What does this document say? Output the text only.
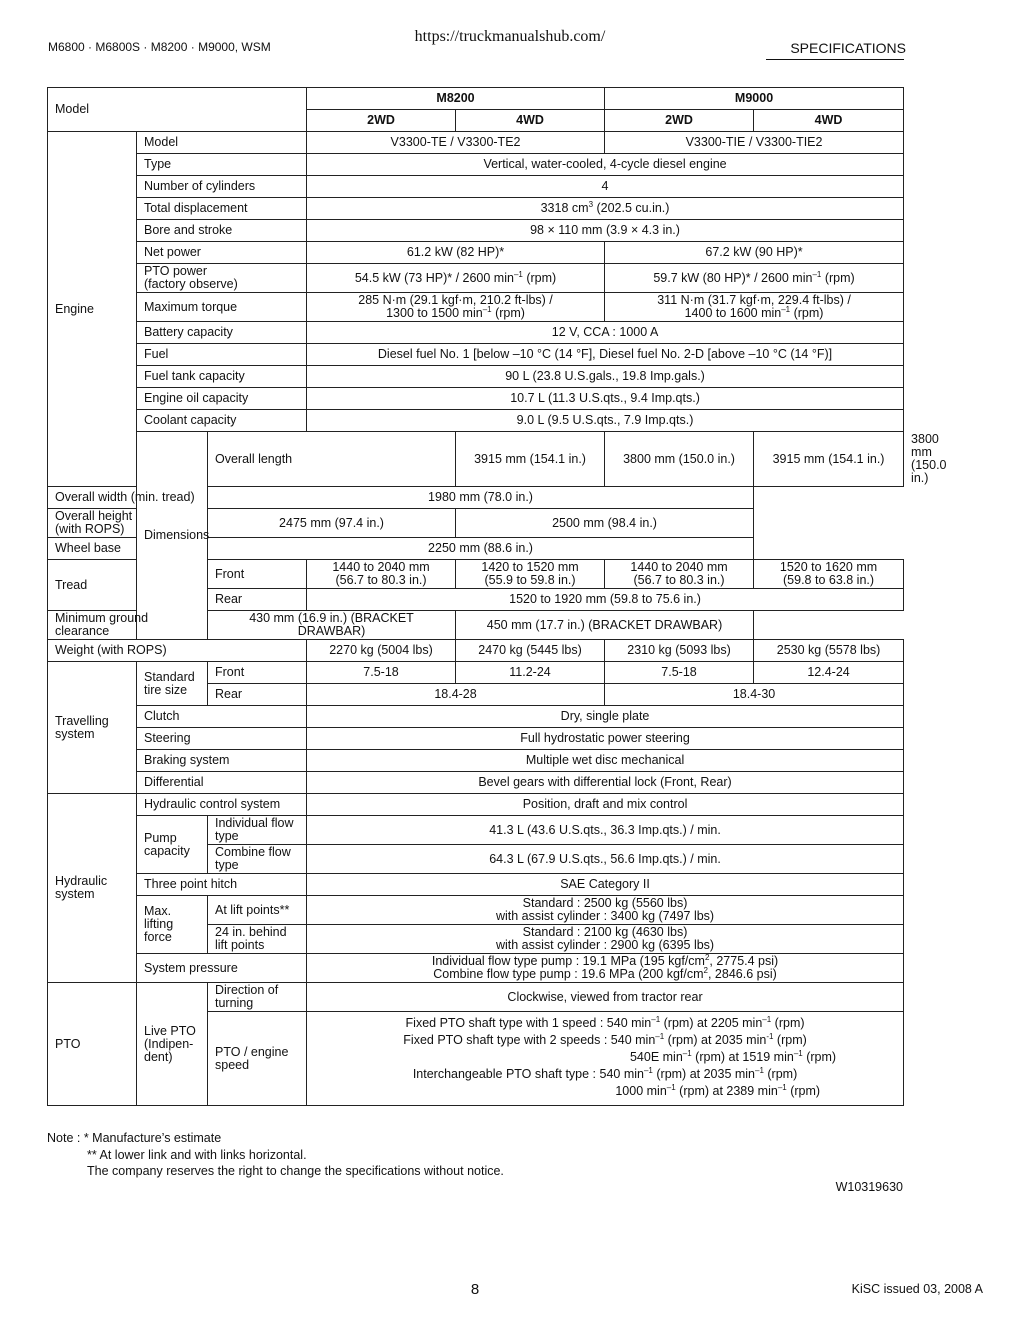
https://truckmanualshub.com/
M6800 · M6800S · M8200 · M9000, WSM	SPECIFICATIONS
Model			M8200		M9000		
			2WD	4WD	2WD	4WD	
Engine	Model		V3300-TE / V3300-TE2		V3300-TIE / V3300-TIE2		
	Type		Vertical, water-cooled, 4-cycle diesel engine				
	Number of cylinders		4				
	Total displacement		3318 $cm^3$ (202.5 cu.in.)				
	Bore and stroke		98 × 110 mm (3.9 × 4.3 in.)				
	Net power		61.2 kW (82 HP)*		67.2 kW (90 HP)*		
	PTO power
(factory observe)		54.5 kW (73 HP)* / 2600 $\min^{-1} (rpm)$		59.7 kW (80 HP)* / 2600 $\min^{-1} (rpm)$		
	Maximum torque		285 N·m (29.1 kgf·m, 210.2 ft-lbs) /
1300 to 1500 $\min^{-1} (rpm)$		311 N·m (31.7 kgf·m, 229.4 ft-lbs) /
1400 to 1600 $\min^{-1} (rpm)$		
	Battery capacity		12 V, CCA : 1000 A				
	Fuel		Diesel fuel No. 1 [below –10 °C (14 °F], Diesel fuel No. 2-D [above –10 °C (14 °F)]				
	Fuel tank capacity		90 L (23.8 U.S.gals., 19.8 Imp.gals.)				
	Engine oil capacity		10.7 L (11.3 U.S.qts., 9.4 Imp.qts.)				
	Coolant capacity		9.0 L (9.5 U.S.qts., 7.9 Imp.qts.)				
	Dimensions	Overall length		3915 mm (154.1 in.)	3800 mm (150.0 in.)	3915 mm (154.1 in.)	3800 mm (150.0 in.)
Overall width (min. tread)		1980 mm (78.0 in.)					
Overall height
(with ROPS)		2475 mm (97.4 in.)		2500 mm (98.4 in.)			
Wheel base		2250 mm (88.6 in.)					
Tread		Front	1440 to 2040 mm
(56.7 to 80.3 in.)	1420 to 1520 mm
(55.9 to 59.8 in.)	1440 to 2040 mm
(56.7 to 80.3 in.)	1520 to 1620 mm
(59.8 to 63.8 in.)	
		Rear	1520 to 1920 mm (59.8 to 75.6 in.)				
Minimum ground
clearance		430 mm (16.9 in.) (BRACKET DRAWBAR)		450 mm (17.7 in.) (BRACKET DRAWBAR)			
Weight (with ROPS)			2270 kg (5004 lbs)	2470 kg (5445 lbs)	2310 kg (5093 lbs)	2530 kg (5578 lbs)	
Travelling
system	Standard
tire size	Front	7.5-18	11.2-24	7.5-18	12.4-24	
		Rear	18.4-28		18.4-30		
	Clutch		Dry, single plate				
	Steering		Full hydrostatic power steering				
	Braking system		Multiple wet disc mechanical				
	Differential		Bevel gears with differential lock (Front, Rear)				
Hydraulic
system	Hydraulic control system		Position, draft and mix control				
	Pump
capacity	Individual flow
type	41.3 L (43.6 U.S.qts., 36.3 Imp.qts.) / min.				
		Combine flow
type	64.3 L (67.9 U.S.qts., 56.6 Imp.qts.) / min.				
	Three point hitch		SAE Category II				
	Max.
lifting
force	At lift points**	Standard : 2500 kg (5560 lbs)
with assist cylinder : 3400 kg (7497 lbs)				
		24 in. behind
lift points	Standard : 2100 kg (4630 lbs)
with assist cylinder : 2900 kg (6395 lbs)				
	System pressure		Individual flow type pump : 19.1 MPa (195 kgf/$cm^2$, 2775.4 psi)
Combine flow type pump : 19.6 MPa (200 kgf/$cm^2$, 2846.6 psi)				
PTO	Live PTO
(Indipen-
dent)	Direction of
turning	Clockwise, viewed from tractor rear				
		PTO / engine
speed	Fixed PTO shaft type with 1 speed : 540 $\min^{-1} (rpm)$ at 2205 $\min^{-1} (rpm)$
Fixed PTO shaft type with 2 speeds : 540 $\min^{-1} (rpm)$ at 2035 $\min^{-1} (rpm)$
540E $\min^{-1} (rpm)$ at 1519 $\min^{-1} (rpm)$
Interchangeable PTO shaft type : 540 $\min^{-1} (rpm)$ at 2035 $\min^{-1} (rpm)$
1000 $\min^{-1} (rpm)$ at 2389 $\min^{-1} (rpm)$				
Note : * Manufacture’s estimate

** At lower link and with links horizontal.
The company reserves the right to change the specifications without notice.
W10319630
8	KiSC issued 03, 2008 A
